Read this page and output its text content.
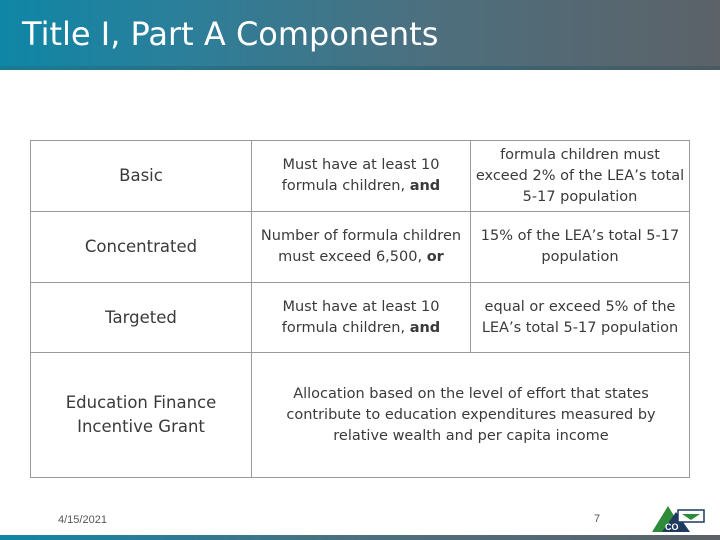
Title I, Part A Components
Basic
Must have at least 10
formula children, and
formula children must exceed 2% of the LEA’s total 5-17 population
Concentrated
Number of formula children
must exceed 6,500, or
15% of the LEA’s total 5-17 population
Targeted
Must have at least 10
formula children, and
equal or exceed 5% of the LEA’s total 5-17 population
Education Finance Incentive Grant
Allocation based on the level of effort that states contribute to education expenditures measured by relative wealth and per capita income
4/15/2021	7
CO
